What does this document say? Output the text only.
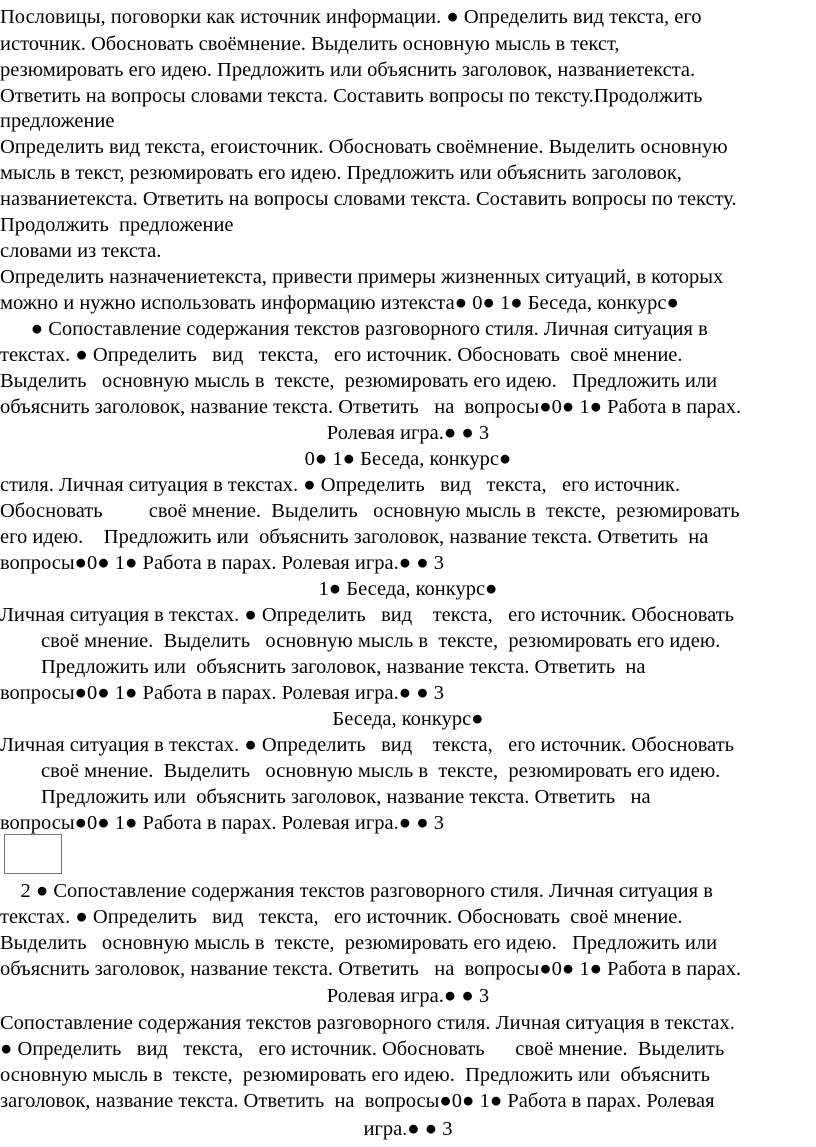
Пословицы, поговорки как источник информации. ● Определить вид текста, его
источник. Обосновать своёмнение. Выделить основную мысль в текст,
резюмировать его идею. Предложить или объяснить заголовок, названиетекста.
Ответить на вопросы словами текста. Составить вопросы по тексту.Продолжить
предложение
Определить вид текста, егоисточник. Обосновать своёмнение. Выделить основную
мысль в текст, резюмировать его идею. Предложить или объяснить заголовок,
названиетекста. Ответить на вопросы словами текста. Составить вопросы по тексту.
Продолжить  предложение
словами из текста.
Определить назначениетекста, привести примеры жизненных ситуаций, в которых
можно и нужно использовать информацию изтекста● 0● 1● Беседа, конкурс●
● Сопоставление содержания текстов разговорного стиля. Личная ситуация в
текстах. ● Определить   вид   текста,   его источник. Обосновать  своё мнение.
Выделить   основную мысль в  тексте,  резюмировать его идею.   Предложить или
объяснить заголовок, название текста. Ответить   на  вопросы●0● 1● Работа в парах.
Ролевая игра.● ● 3
0● 1● Беседа, конкурс●
стиля. Личная ситуация в текстах. ● Определить   вид   текста,   его источник.
Обосновать         своё мнение.  Выделить   основную мысль в  тексте,  резюмировать
его идею.    Предложить или  объяснить заголовок, название текста. Ответить  на
вопросы●0● 1● Работа в парах. Ролевая игра.● ● 3
1● Беседа, конкурс●
Личная ситуация в текстах. ● Определить   вид    текста,   его источник. Обосновать
своё мнение.  Выделить   основную мысль в  тексте,  резюмировать его идею.
Предложить или  объяснить заголовок, название текста. Ответить  на
вопросы●0● 1● Работа в парах. Ролевая игра.● ● 3
Беседа, конкурс●
Личная ситуация в текстах. ● Определить   вид    текста,   его источник. Обосновать
своё мнение.  Выделить   основную мысль в  тексте,  резюмировать его идею.
Предложить или  объяснить заголовок, название текста. Ответить   на
вопросы●0● 1● Работа в парах. Ролевая игра.● ● 3
2 ● Сопоставление содержания текстов разговорного стиля. Личная ситуация в
текстах. ● Определить   вид   текста,   его источник. Обосновать  своё мнение.
Выделить   основную мысль в  тексте,  резюмировать его идею.   Предложить или
объяснить заголовок, название текста. Ответить   на  вопросы●0● 1● Работа в парах.
Ролевая игра.● ● 3
Сопоставление содержания текстов разговорного стиля. Личная ситуация в текстах.
● Определить   вид   текста,   его источник. Обосновать      своё мнение.  Выделить
основную мысль в  тексте,  резюмировать его идею.  Предложить или  объяснить
заголовок, название текста. Ответить  на  вопросы●0● 1● Работа в парах. Ролевая
игра.● ● 3
